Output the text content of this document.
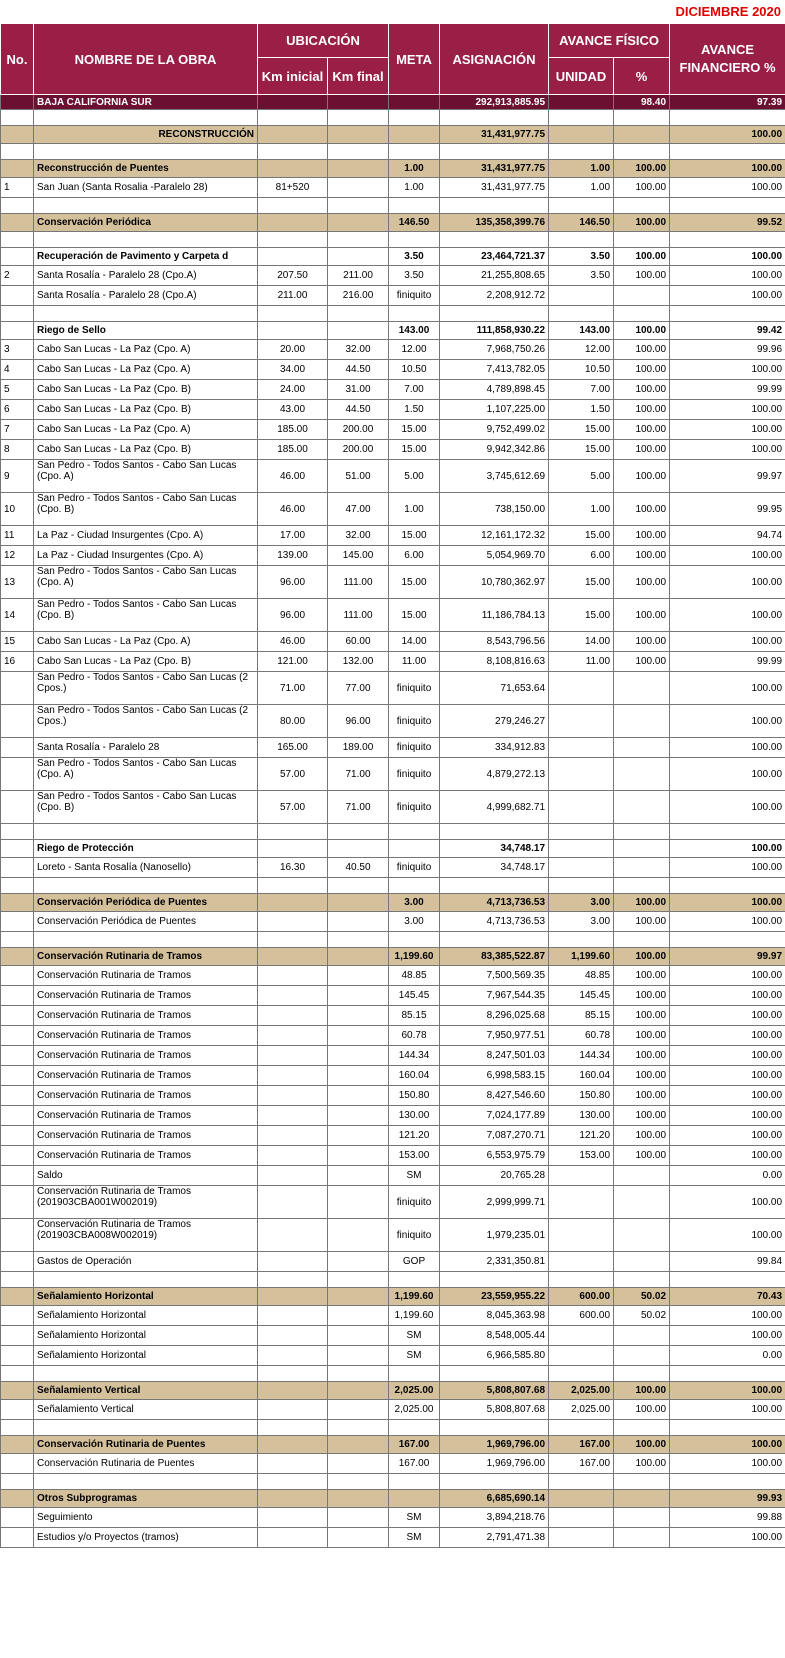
DICIEMBRE 2020
No.	NOMBRE DE LA OBRA	UBICACIÓN		META	ASIGNACIÓN	AVANCE FÍSICO		AVANCE FINANCIERO %
		Km inicial	Km final			UNIDAD	%	
	BAJA CALIFORNIA SUR				292,913,885.95		98.40	97.39

	RECONSTRUCCIÓN				31,431,977.75			100.00

	Reconstrucción de Puentes			1.00	31,431,977.75	1.00	100.00	100.00
1	San Juan (Santa Rosalia -Paralelo 28)	81+520		1.00	31,431,977.75	1.00	100.00	100.00

	Conservación Periódica			146.50	135,358,399.76	146.50	100.00	99.52

	Recuperación de Pavimento y Carpeta d			3.50	23,464,721.37	3.50	100.00	100.00
2	Santa Rosalía - Paralelo 28 (Cpo.A)	207.50	211.00	3.50	21,255,808.65	3.50	100.00	100.00
	Santa Rosalía - Paralelo 28 (Cpo.A)	211.00	216.00	finiquito	2,208,912.72			100.00

	Riego de Sello			143.00	111,858,930.22	143.00	100.00	99.42
3	Cabo San Lucas - La Paz (Cpo. A)	20.00	32.00	12.00	7,968,750.26	12.00	100.00	99.96
4	Cabo San Lucas - La Paz (Cpo. A)	34.00	44.50	10.50	7,413,782.05	10.50	100.00	100.00
5	Cabo San Lucas - La Paz (Cpo. B)	24.00	31.00	7.00	4,789,898.45	7.00	100.00	99.99
6	Cabo San Lucas - La Paz (Cpo. B)	43.00	44.50	1.50	1,107,225.00	1.50	100.00	100.00
7	Cabo San Lucas - La Paz (Cpo. A)	185.00	200.00	15.00	9,752,499.02	15.00	100.00	100.00
8	Cabo San Lucas - La Paz (Cpo. B)	185.00	200.00	15.00	9,942,342.86	15.00	100.00	100.00
9	San Pedro - Todos Santos - Cabo San Lucas (Cpo. A)	46.00	51.00	5.00	3,745,612.69	5.00	100.00	99.97
10	San Pedro - Todos Santos - Cabo San Lucas (Cpo. B)	46.00	47.00	1.00	738,150.00	1.00	100.00	99.95
11	La Paz - Ciudad Insurgentes (Cpo. A)	17.00	32.00	15.00	12,161,172.32	15.00	100.00	94.74
12	La Paz - Ciudad Insurgentes (Cpo. A)	139.00	145.00	6.00	5,054,969.70	6.00	100.00	100.00
13	San Pedro - Todos Santos - Cabo San Lucas (Cpo. A)	96.00	111.00	15.00	10,780,362.97	15.00	100.00	100.00
14	San Pedro - Todos Santos - Cabo San Lucas (Cpo. B)	96.00	111.00	15.00	11,186,784.13	15.00	100.00	100.00
15	Cabo San Lucas - La Paz (Cpo. A)	46.00	60.00	14.00	8,543,796.56	14.00	100.00	100.00
16	Cabo San Lucas - La Paz (Cpo. B)	121.00	132.00	11.00	8,108,816.63	11.00	100.00	99.99
	San Pedro - Todos Santos - Cabo San Lucas (2 Cpos.)	71.00	77.00	finiquito	71,653.64			100.00
	San Pedro - Todos Santos - Cabo San Lucas (2 Cpos.)	80.00	96.00	finiquito	279,246.27			100.00
	Santa Rosalía - Paralelo 28	165.00	189.00	finiquito	334,912.83			100.00
	San Pedro - Todos Santos - Cabo San Lucas (Cpo. A)	57.00	71.00	finiquito	4,879,272.13			100.00
	San Pedro - Todos Santos - Cabo San Lucas (Cpo. B)	57.00	71.00	finiquito	4,999,682.71			100.00

	Riego de Protección				34,748.17			100.00
	Loreto - Santa Rosalía (Nanosello)	16.30	40.50	finiquito	34,748.17			100.00

	Conservación Periódica de Puentes			3.00	4,713,736.53	3.00	100.00	100.00
	Conservación Periódica de Puentes			3.00	4,713,736.53	3.00	100.00	100.00

	Conservación Rutinaria de Tramos			1,199.60	83,385,522.87	1,199.60	100.00	99.97
	Conservación Rutinaria de Tramos			48.85	7,500,569.35	48.85	100.00	100.00
	Conservación Rutinaria de Tramos			145.45	7,967,544.35	145.45	100.00	100.00
	Conservación Rutinaria de Tramos			85.15	8,296,025.68	85.15	100.00	100.00
	Conservación Rutinaria de Tramos			60.78	7,950,977.51	60.78	100.00	100.00
	Conservación Rutinaria de Tramos			144.34	8,247,501.03	144.34	100.00	100.00
	Conservación Rutinaria de Tramos			160.04	6,998,583.15	160.04	100.00	100.00
	Conservación Rutinaria de Tramos			150.80	8,427,546.60	150.80	100.00	100.00
	Conservación Rutinaria de Tramos			130.00	7,024,177.89	130.00	100.00	100.00
	Conservación Rutinaria de Tramos			121.20	7,087,270.71	121.20	100.00	100.00
	Conservación Rutinaria de Tramos			153.00	6,553,975.79	153.00	100.00	100.00
	Saldo			SM	20,765.28			0.00
	Conservación Rutinaria de Tramos (201903CBA001W002019)			finiquito	2,999,999.71			100.00
	Conservación Rutinaria de Tramos (201903CBA008W002019)			finiquito	1,979,235.01			100.00
	Gastos de Operación			GOP	2,331,350.81			99.84

	Señalamiento Horizontal			1,199.60	23,559,955.22	600.00	50.02	70.43
	Señalamiento Horizontal			1,199.60	8,045,363.98	600.00	50.02	100.00
	Señalamiento Horizontal			SM	8,548,005.44			100.00
	Señalamiento Horizontal			SM	6,966,585.80			0.00

	Señalamiento Vertical			2,025.00	5,808,807.68	2,025.00	100.00	100.00
	Señalamiento Vertical			2,025.00	5,808,807.68	2,025.00	100.00	100.00

	Conservación Rutinaria de Puentes			167.00	1,969,796.00	167.00	100.00	100.00
	Conservación Rutinaria de Puentes			167.00	1,969,796.00	167.00	100.00	100.00

	Otros Subprogramas				6,685,690.14			99.93
	Seguimiento			SM	3,894,218.76			99.88
	Estudios y/o Proyectos (tramos)			SM	2,791,471.38			100.00
